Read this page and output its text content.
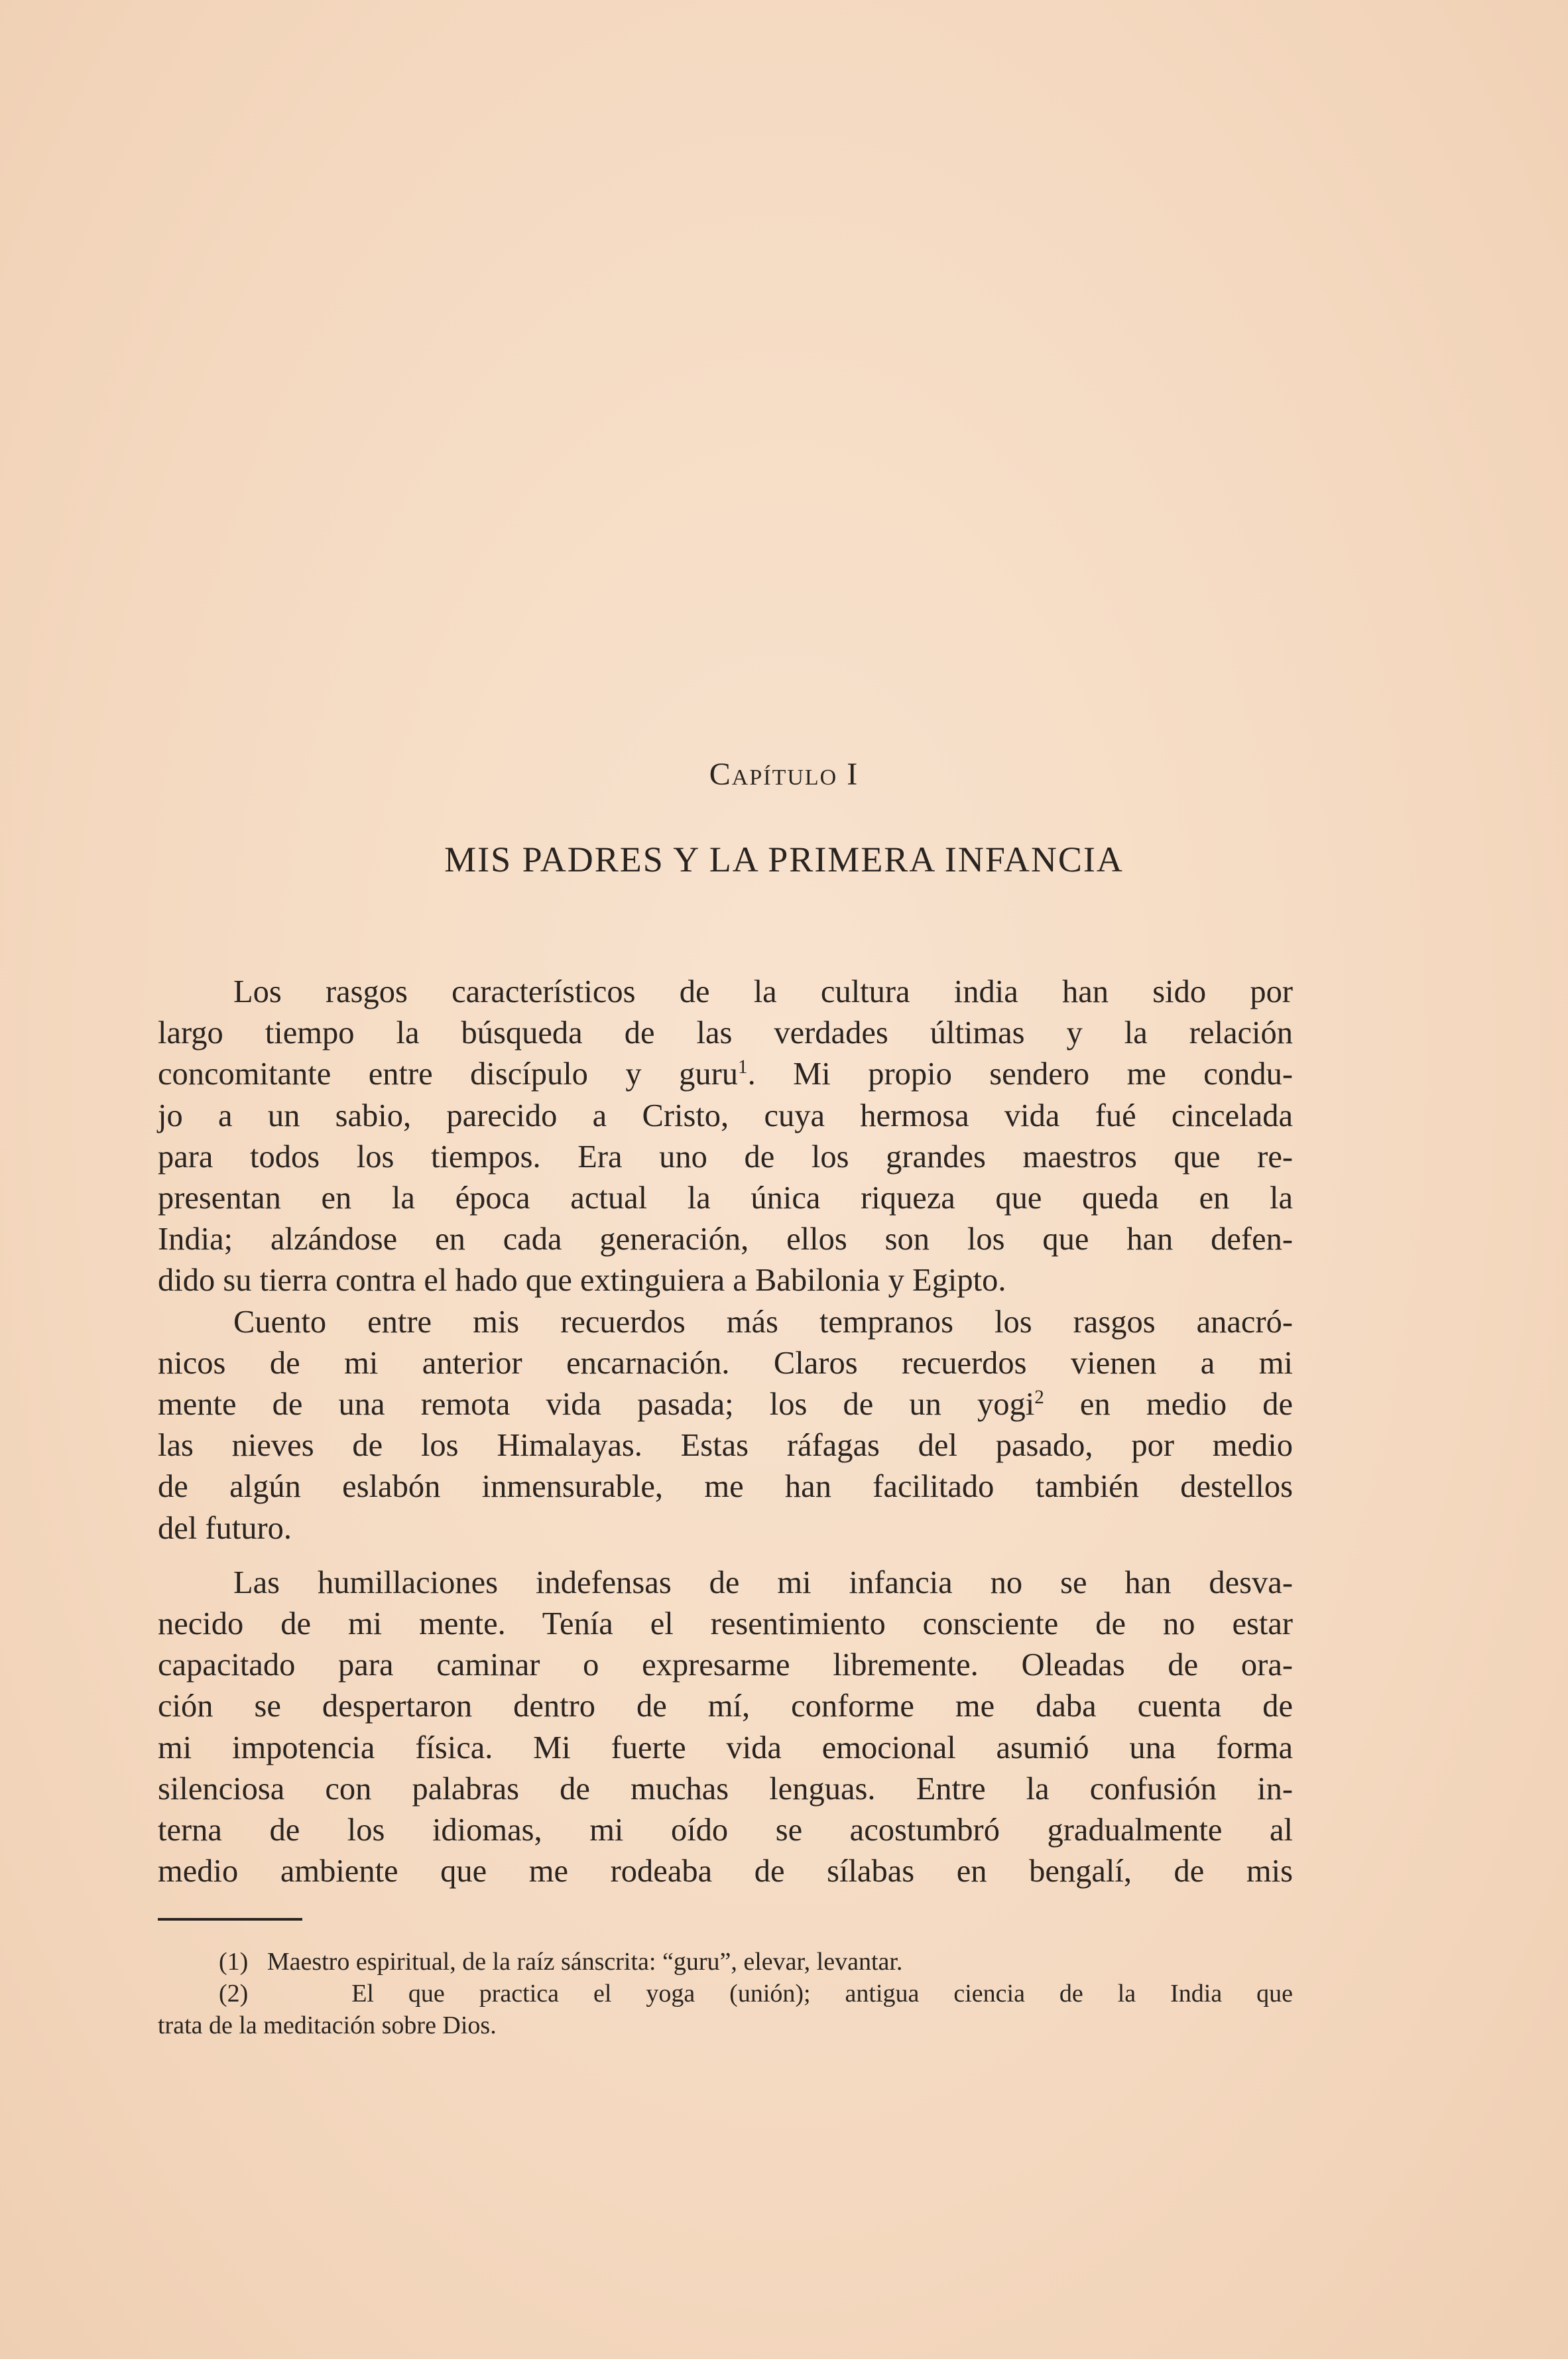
Capítulo I
MIS PADRES Y LA PRIMERA INFANCIA

Los rasgos característicos de la cultura india han sido por
largo tiempo la búsqueda de las verdades últimas y la relación
concomitante entre discípulo y guru$^1$. Mi propio sendero me condu-
jo a un sabio, parecido a Cristo, cuya hermosa vida fué cincelada
para todos los tiempos. Era uno de los grandes maestros que re-
presentan en la época actual la única riqueza que queda en la
India; alzándose en cada generación, ellos son los que han defen-
dido su tierra contra el hado que extinguiera a Babilonia y Egipto.

Cuento entre mis recuerdos más tempranos los rasgos anacró-
nicos de mi anterior encarnación. Claros recuerdos vienen a mi
mente de una remota vida pasada; los de un yogi$^2$ en medio de
las nieves de los Himalayas. Estas ráfagas del pasado, por medio
de algún eslabón inmensurable, me han facilitado también destellos
del futuro.

Las humillaciones indefensas de mi infancia no se han desva-
necido de mi mente. Tenía el resentimiento consciente de no estar
capacitado para caminar o expresarme libremente. Oleadas de ora-
ción se despertaron dentro de mí, conforme me daba cuenta de
mi impotencia física. Mi fuerte vida emocional asumió una forma
silenciosa con palabras de muchas lenguas. Entre la confusión in-
terna de los idiomas, mi oído se acostumbró gradualmente al
medio ambiente que me rodeaba de sílabas en bengalí, de mis

(1) Maestro espiritual, de la raíz sánscrita: “guru”, elevar, levantar.
(2)	El que practica el yoga (unión); antigua ciencia de la India que
trata de la meditación sobre Dios.
